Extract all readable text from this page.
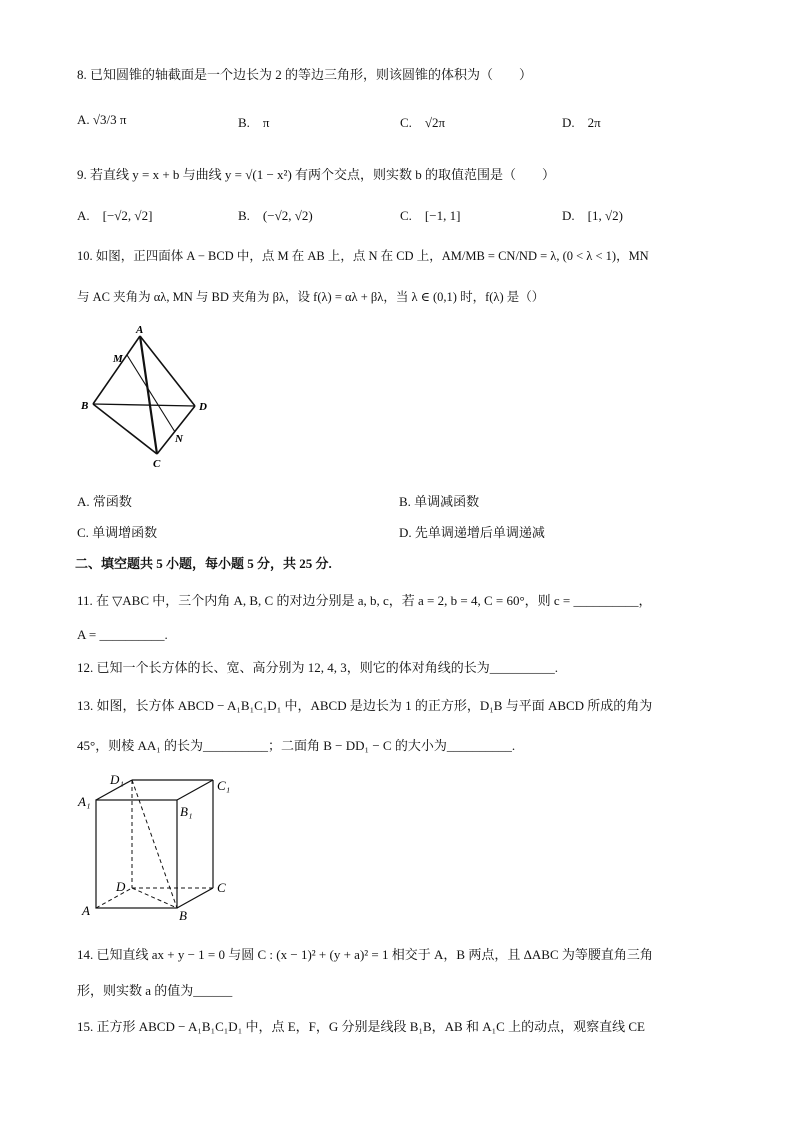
8. 已知圆锥的轴截面是一个边长为 2 的等边三角形，则该圆锥的体积为（　　）
A. √3/3 π	B.　π	C.　√2π	D.　2π
9. 若直线 y = x + b 与曲线 y = √(1 − x²) 有两个交点，则实数 b 的取值范围是（　　）
A.　[−√2, √2]	B.　(−√2, √2)	C.　[−1, 1]	D.　[1, √2)
10. 如图，正四面体 A − BCD 中，点 M 在 AB 上，点 N 在 CD 上，AM/MB = CN/ND = λ, (0 < λ < 1)，MN
与 AC 夹角为 αλ, MN 与 BD 夹角为 βλ，设 f(λ) = αλ + βλ，当 λ ∈ (0,1) 时，f(λ) 是（）
A
M
B	D
N
C
A. 常函数	B. 单调减函数
C. 单调增函数	D. 先单调递增后单调递减
二、填空题共 5 小题，每小题 5 分，共 25 分.
11. 在 ▽ABC 中，三个内角 A, B, C 的对边分别是 a, b, c，若 a = 2, b = 4, C = 60°，则 c = __________，
A = __________.
12. 已知一个长方体的长、宽、高分别为 12, 4, 3，则它的体对角线的长为__________.
13. 如图，长方体 ABCD − A₁B₁C₁D₁ 中，ABCD 是边长为 1 的正方形，D₁B 与平面 ABCD 所成的角为
45°，则棱 AA₁ 的长为__________；二面角 B − DD₁ − C 的大小为__________.
D₁	C₁
A₁
B₁
D	C
A	B
14. 已知直线 ax + y − 1 = 0 与圆 C : (x − 1)² + (y + a)² = 1 相交于 A，B 两点，且 ΔABC 为等腰直角三角
形，则实数 a 的值为______
15. 正方形 ABCD − A₁B₁C₁D₁ 中，点 E，F，G 分别是线段 B₁B，AB 和 A₁C 上的动点，观察直线 CE
